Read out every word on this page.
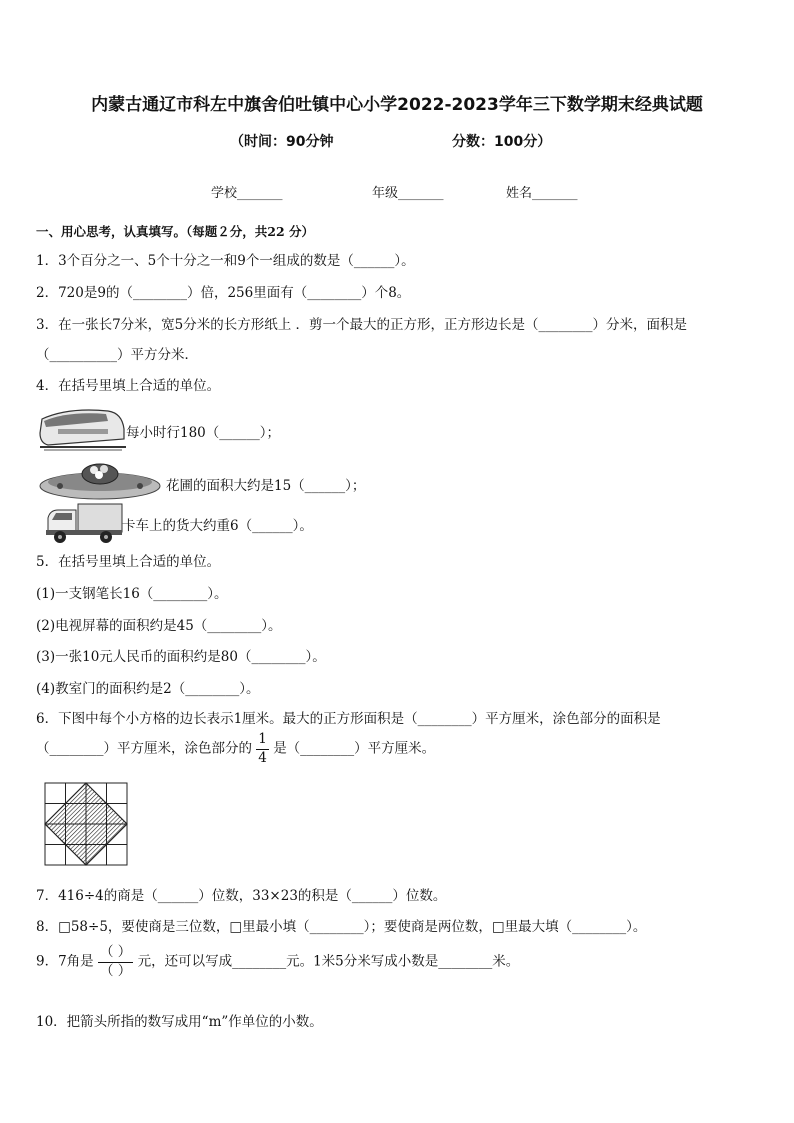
内蒙古通辽市科左中旗舍伯吐镇中心小学2022-2023学年三下数学期末经典试题
（时间：90分钟	分数：100分）
学校_______	年级_______	姓名_______
一、用心思考，认真填写。（每题２分，共22 分）
1．3个百分之一、5个十分之一和9个一组成的数是（______）。
2．720是9的（________）倍，256里面有（________）个8。
3．在一张长7分米，宽5分米的长方形纸上 ．剪一个最大的正方形，正方形边长是（________）分米，面积是
（__________）平方分米．
4．在括号里填上合适的单位。
每小时行180（______）；
花圃的面积大约是15（______）；
卡车上的货大约重6（______）。
5．在括号里填上合适的单位。
(1)一支钢笔长16（________）。
(2)电视屏幕的面积约是45（________）。
(3)一张10元人民币的面积约是80（________）。
(4)教室门的面积约是2（________）。
6．下图中每个小方格的边长表示1厘米。最大的正方形面积是（________）平方厘米，涂色部分的面积是
（________）平方厘米，涂色部分的 $\frac{1}{4}$ 是（________）平方厘米。
7．416÷4的商是（______）位数，33×23的积是（______）位数。
8．□58÷5，要使商是三位数，□里最小填（________）；要使商是两位数，□里最大填（________）。
9．7角是 $\frac{( )}{( )}$ 元，还可以写成________元。1米5分米写成小数是________米。
10．把箭头所指的数写成用“m”作单位的小数。
